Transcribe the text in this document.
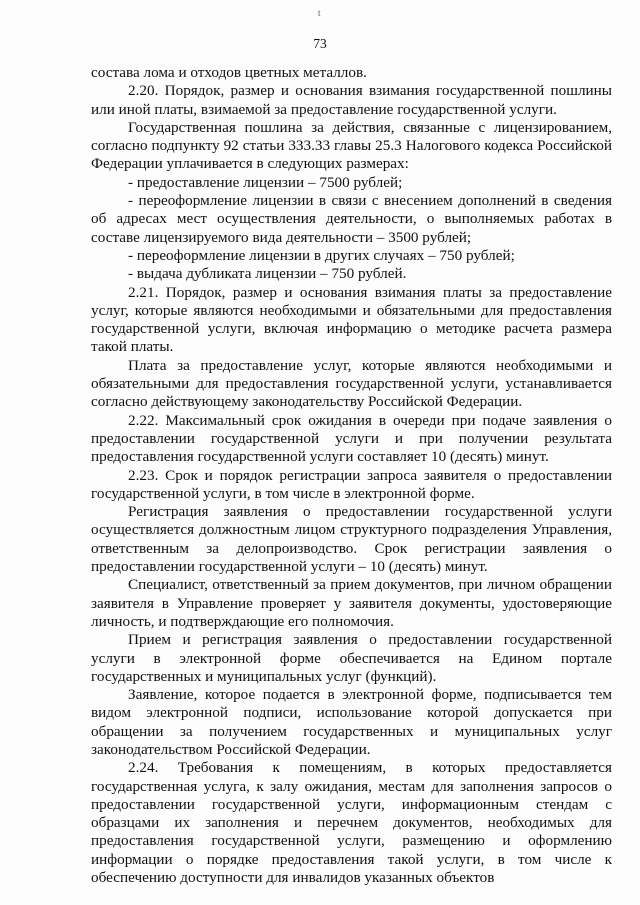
t
73

состава лома и отходов цветных металлов.

2.20. Порядок, размер и основания взимания государственной пошлины или иной платы, взимаемой за предоставление государственной услуги.

Государственная пошлина за действия, связанные с лицензированием, согласно подпункту 92 статьи 333.33 главы 25.3 Налогового кодекса Российской Федерации уплачивается в следующих размерах:

- предоставление лицензии – 7500 рублей;

- переоформление лицензии в связи с внесением дополнений в сведения об адресах мест осуществления деятельности, о выполняемых работах в составе лицензируемого вида деятельности – 3500 рублей;

- переоформление лицензии в других случаях – 750 рублей;

- выдача дубликата лицензии – 750 рублей.

2.21. Порядок, размер и основания взимания платы за предоставление услуг, которые являются необходимыми и обязательными для предоставления государственной услуги, включая информацию о методике расчета размера такой платы.

Плата за предоставление услуг, которые являются необходимыми и обязательными для предоставления государственной услуги, устанавливается согласно действующему законодательству Российской Федерации.

2.22. Максимальный срок ожидания в очереди при подаче заявления о предоставлении государственной услуги и при получении результата предоставления государственной услуги составляет 10 (десять) минут.

2.23. Срок и порядок регистрации запроса заявителя о предоставлении государственной услуги, в том числе в электронной форме.

Регистрация заявления о предоставлении государственной услуги осуществляется должностным лицом структурного подразделения Управления, ответственным за делопроизводство. Срок регистрации заявления о предоставлении государственной услуги – 10 (десять) минут.

Специалист, ответственный за прием документов, при личном обращении заявителя в Управление проверяет у заявителя документы, удостоверяющие личность, и подтверждающие его полномочия.

Прием и регистрация заявления о предоставлении государственной услуги в электронной форме обеспечивается на Едином портале государственных и муниципальных услуг (функций).

Заявление, которое подается в электронной форме, подписывается тем видом электронной подписи, использование которой допускается при обращении за получением государственных и муниципальных услуг законодательством Российской Федерации.

2.24. Требования к помещениям, в которых предоставляется государственная услуга, к залу ожидания, местам для заполнения запросов о предоставлении государственной услуги, информационным стендам с образцами их заполнения и перечнем документов, необходимых для предоставления государственной услуги, размещению и оформлению информации о порядке предоставления такой услуги, в том числе к обеспечению доступности для инвалидов указанных объектов
